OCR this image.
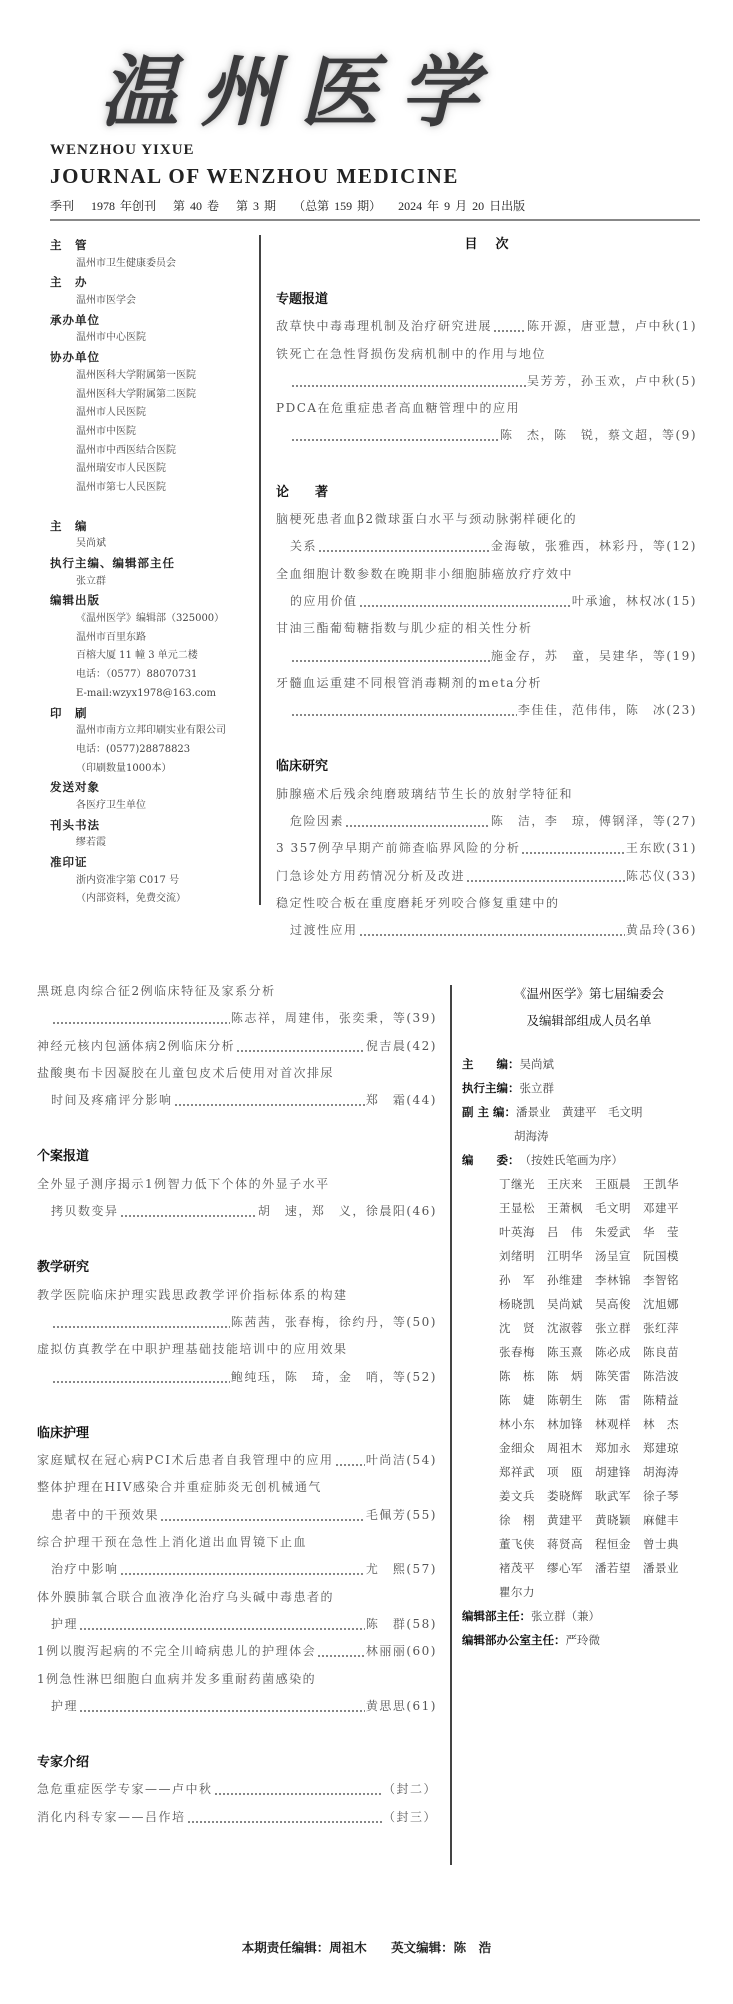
温州医学
WENZHOU YIXUE
JOURNAL OF WENZHOU MEDICINE
季刊 1978 年创刊 第 40 卷 第 3 期 （总第 159 期） 2024 年 9 月 20 日出版
主　管
温州市卫生健康委员会
主　办
温州市医学会
承办单位
温州市中心医院
协办单位
温州医科大学附属第一医院
温州医科大学附属第二医院
温州市人民医院
温州市中医院
温州市中西医结合医院
温州瑞安市人民医院
温州市第七人民医院
主　编
吴尚斌
执行主编、编辑部主任
张立群
编辑出版
《温州医学》编辑部（325000）
温州市百里东路
百榕大厦 11 幢 3 单元二楼
电话：（0577）88070731
E-mail:wzyx1978@163.com
印　刷
温州市南方立邦印刷实业有限公司
电话：(0577)28878823
（印刷数量1000本）
发送对象
各医疗卫生单位
刊头书法
缪若霞
准印证
浙内资准字第 C017 号
（内部资料，免费交流）
目次
专题报道
敌草快中毒毒理机制及治疗研究进展	陈开源，唐亚慧，卢中秋 (1)
铁死亡在急性肾损伤发病机制中的作用与地位
吴芳芳，孙玉欢，卢中秋 (5)
PDCA在危重症患者高血糖管理中的应用
陈　杰，陈　锐，蔡文超，等 (9)
论　　著
脑梗死患者血β2微球蛋白水平与颈动脉粥样硬化的
关系	金海敏，张雅西，林彩丹，等 (12)
全血细胞计数参数在晚期非小细胞肺癌放疗疗效中
的应用价值	叶承逾，林权冰 (15)
甘油三酯葡萄糖指数与肌少症的相关性分析
施金存，苏　童，吴建华，等 (19)
牙髓血运重建不同根管消毒糊剂的meta分析
李佳佳，范伟伟，陈　冰 (23)
临床研究
肺腺癌术后残余纯磨玻璃结节生长的放射学特征和
危险因素	陈　洁，李　琼，傅钢泽，等 (27)
3 357例孕早期产前筛查临界风险的分析	王东欧 (31)
门急诊处方用药情况分析及改进	陈芯仪 (33)
稳定性咬合板在重度磨耗牙列咬合修复重建中的
过渡性应用	黄品玲 (36)
黑斑息肉综合征2例临床特征及家系分析
陈志祥，周建伟，张奕秉，等 (39)
神经元核内包涵体病2例临床分析	倪吉晨 (42)
盐酸奥布卡因凝胶在儿童包皮术后使用对首次排尿
时间及疼痛评分影响	郑　霜 (44)
个案报道
全外显子测序揭示1例智力低下个体的外显子水平
拷贝数变异	胡　速，郑　义，徐晨阳 (46)
教学研究
教学医院临床护理实践思政教学评价指标体系的构建
陈茜茜，张春梅，徐约丹，等 (50)
虚拟仿真教学在中职护理基础技能培训中的应用效果
鲍纯珏，陈　琦，金　哨，等 (52)
临床护理
家庭赋权在冠心病PCI术后患者自我管理中的应用	叶尚洁 (54)
整体护理在HIV感染合并重症肺炎无创机械通气
患者中的干预效果	毛佩芳 (55)
综合护理干预在急性上消化道出血胃镜下止血
治疗中影响	尤　熙 (57)
体外膜肺氧合联合血液净化治疗乌头碱中毒患者的
护理	陈　群 (58)
1例以腹泻起病的不完全川崎病患儿的护理体会	林丽丽 (60)
1例急性淋巴细胞白血病并发多重耐药菌感染的
护理	黄思思 (61)
专家介绍
急危重症医学专家——卢中秋	（封二）
消化内科专家——吕作培	（封三）
《温州医学》第七届编委会
及编辑部组成人员名单
主　　编：吴尚斌
执行主编：张立群
副 主 编：潘景业　黄建平　毛文明
胡海涛
编　　委：（按姓氏笔画为序）
丁继光	王庆来	王瓯晨	王凯华
王显松	王萧枫	毛文明	邓建平
叶英海	吕　伟	朱爱武	华　莹
刘绪明	江明华	汤呈宣	阮国模
孙　军	孙维建	李林锦	李智铭
杨晓凯	吴尚斌	吴高俊	沈旭娜
沈　贤	沈淑蓉	张立群	张红萍
张春梅	陈玉熹	陈必成	陈良苗
陈　栋	陈　炳	陈笑雷	陈浩波
陈　婕	陈朝生	陈　雷	陈精益
林小东	林加锋	林观样	林　杰
金细众	周祖木	郑加永	郑建琼
郑祥武	项　瓯	胡建锋	胡海涛
姜文兵	娄晓辉	耿武军	徐子琴
徐　栩	黄建平	黄晓颖	麻健丰
董飞侠	蒋贤高	程恒金	曾士典
褚茂平	缪心军	潘若望	潘景业
瞿尔力
编辑部主任：张立群（兼）
编辑部办公室主任：严玲微
本期责任编辑：周祖木 英文编辑：陈　浩
